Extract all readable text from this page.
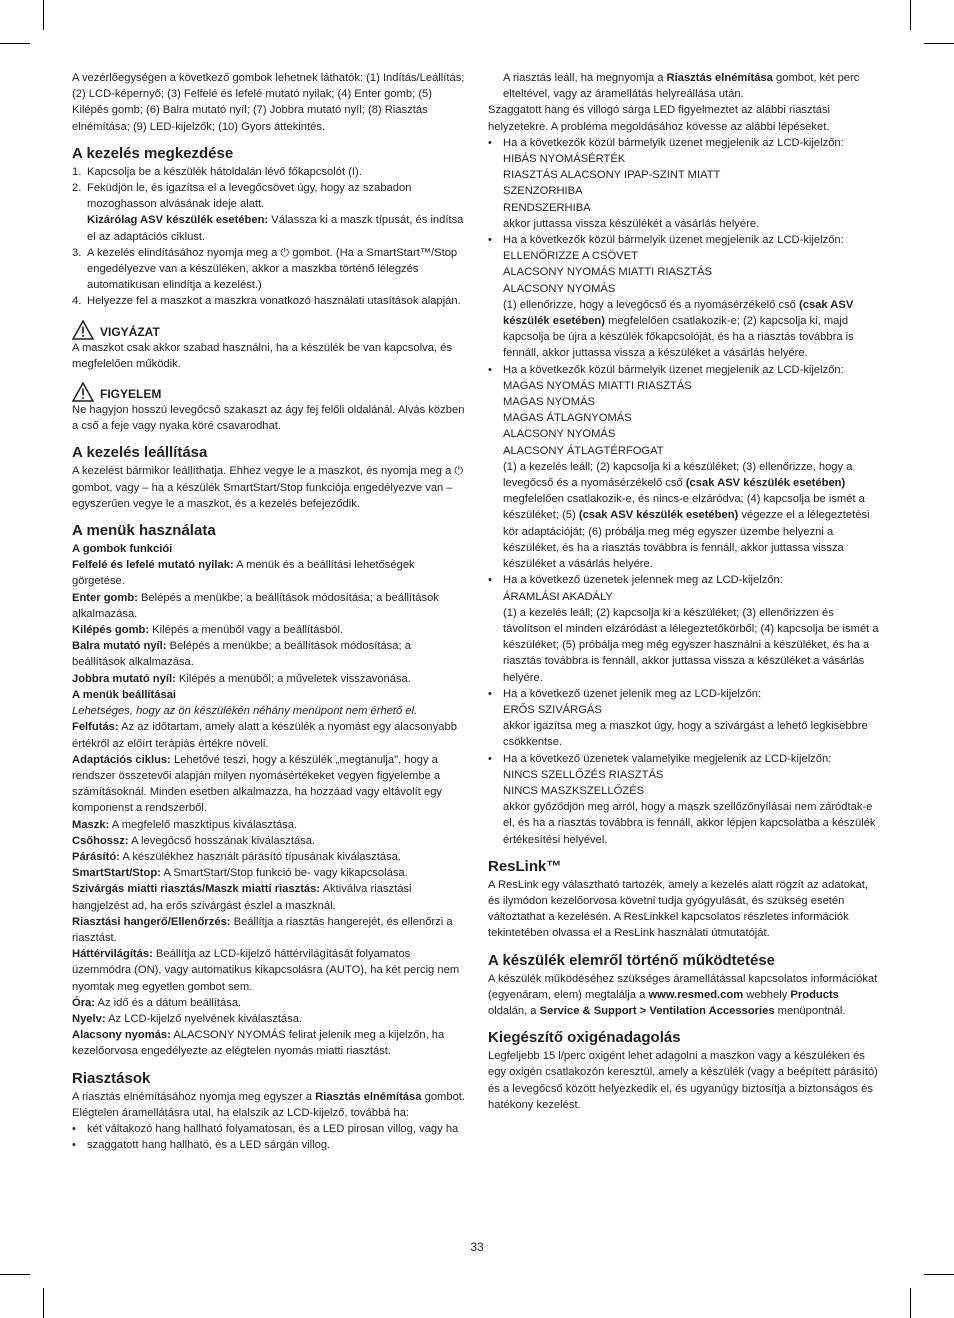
A vezérlőegységen a következő gombok lehetnek láthatók: (1) Indítás/Leállítás; (2) LCD-képernyő; (3) Felfelé és lefelé mutató nyilak; (4) Enter gomb; (5) Kilépés gomb; (6) Balra mutató nyíl; (7) Jobbra mutató nyíl; (8) Riasztás elnémítása; (9) LED-kijelzők; (10) Gyors áttekintés.

A kezelés megkezdése
1. Kapcsolja be a készülék hátoldalán lévő főkapcsolót (I).
2. Feküdjön le, és igazítsa el a levegőcsövet úgy, hogy az szabadon mozoghasson alvásának ideje alatt.
Kizárólag ASV készülék esetében: Válassza ki a maszk típusát, és indítsa el az adaptációs ciklust.
3. A kezelés elindításához nyomja meg a ⏻ gombot. (Ha a SmartStart™/Stop engedélyezve van a készüléken, akkor a maszkba történő lélegzés automatikusan elindítja a kezelést.)
4. Helyezze fel a maszkot a maszkra vonatkozó használati utasítások alapján.
VIGYÁZAT

A maszkot csak akkor szabad használni, ha a készülék be van kapcsolva, és megfelelően működik.

FIGYELEM

Ne hagyjon hosszú levegőcső szakaszt az ágy fej felőli oldalánál. Alvás közben a cső a feje vagy nyaka köré csavarodhat.

A kezelés leállítása

A kezelést bármikor leállíthatja. Ehhez vegye le a maszkot, és nyomja meg a ⏻ gombot, vagy – ha a készülék SmartStart/Stop funkciója engedélyezve van – egyszerűen vegye le a maszkot, és a kezelés befejeződik.

A menük használata
A gombok funkciói

Felfelé és lefelé mutató nyilak: A menük és a beállítási lehetőségek görgetése.

Enter gomb: Belépés a menükbe; a beállítások módosítása; a beállítások alkalmazása.

Kilépés gomb: Kilépés a menüből vagy a beállításból.

Balra mutató nyíl: Belépés a menükbe; a beállítások módosítása; a beállítások alkalmazása.

Jobbra mutató nyíl: Kilépés a menüből; a műveletek visszavonása.

A menük beállításai

Lehetséges, hogy az ön készülékén néhány menüpont nem érhető el.

Felfutás: Az az időtartam, amely alatt a készülék a nyomást egy alacsonyabb értékről az előírt terápiás értékre növeli.

Adaptációs ciklus: Lehetővé teszi, hogy a készülék „megtanulja", hogy a rendszer összetevői alapján milyen nyomásértékeket vegyen figyelembe a számításoknál. Minden esetben alkalmazza, ha hozzáad vagy eltávolít egy komponenst a rendszerből.

Maszk: A megfelelő maszktípus kiválasztása.

Csőhossz: A levegőcső hosszának kiválasztása.

Párásító: A készülékhez használt párásító típusának kiválasztása.

SmartStart/Stop: A SmartStart/Stop funkció be- vagy kikapcsolása.

Szivárgás miatti riasztás/Maszk miatti riasztás: Aktiválva riasztási hangjelzést ad, ha erős szivárgást észlel a maszknál.

Riasztási hangerő/Ellenőrzés: Beállítja a riasztás hangerejét, és ellenőrzi a riasztást.

Háttérvilágítás: Beállítja az LCD-kijelző háttérvilágítását folyamatos üzemmódra (ON), vagy automatikus kikapcsolásra (AUTO), ha két percig nem nyomtak meg egyetlen gombot sem.

Óra: Az idő és a dátum beállítása.

Nyelv: Az LCD-kijelző nyelvének kiválasztása.

Alacsony nyomás: ALACSONY NYOMÁS felirat jelenik meg a kijelzőn, ha kezelőorvosa engedélyezte az elégtelen nyomás miatti riasztást.

Riasztások

A riasztás elnémításához nyomja meg egyszer a Riasztás elnémítása gombot.

Elégtelen áramellátásra utal, ha elalszik az LCD-kijelző, továbbá ha:

• két váltakozó hang hallható folyamatosan, és a LED pirosan villog, vagy ha
• szaggatott hang hallható, és a LED sárgán villog.

A riasztás leáll, ha megnyomja a Riasztás elnémítása gombot, két perc elteltével, vagy az áramellátás helyreállása után.

Szaggatott hang és villogó sárga LED figyelmeztet az alábbi riasztási helyzetekre. A probléma megoldásához kövesse az alábbi lépéseket.

• Ha a következők közül bármelyik üzenet megjelenik az LCD-kijelzőn:
HIBÁS NYOMÁSÉRTÉK
RIASZTÁS ALACSONY IPAP-SZINT MIATT
SZENZORHIBA
RENDSZERHIBA
akkor juttassa vissza készülékét a vásárlás helyére.
• Ha a következők közül bármelyik üzenet megjelenik az LCD-kijelzőn:
ELLENŐRIZZE A CSÖVET
ALACSONY NYOMÁS MIATTI RIASZTÁS
ALACSONY NYOMÁS
(1) ellenőrizze, hogy a levegőcső és a nyomásérzékelő cső (csak ASV készülék esetében) megfelelően csatlakozik-e; (2) kapcsolja ki, majd kapcsolja be újra a készülék főkapcsolóját, és ha a riasztás továbbra is fennáll, akkor juttassa vissza a készüléket a vásárlás helyére.
• Ha a következők közül bármelyik üzenet megjelenik az LCD-kijelzőn:
MAGAS NYOMÁS MIATTI RIASZTÁS
MAGAS NYOMÁS
MAGAS ÁTLAGNYOMÁS
ALACSONY NYOMÁS
ALACSONY ÁTLAGTÉRFOGAT
(1) a kezelés leáll; (2) kapcsolja ki a készüléket; (3) ellenőrizze, hogy a levegőcső és a nyomásérzékelő cső (csak ASV készülék esetében) megfelelően csatlakozik-e, és nincs-e elzáródva; (4) kapcsolja be ismét a készüléket; (5) (csak ASV készülék esetében) végezze el a lélegeztetési kör adaptációját; (6) próbálja meg még egyszer üzembe helyezni a készüléket, és ha a riasztás továbbra is fennáll, akkor juttassa vissza készüléket a vásárlás helyére.
• Ha a következő üzenetek jelennek meg az LCD-kijelzőn:
ÁRAMLÁSI AKADÁLY
(1) a kezelés leáll; (2) kapcsolja ki a készüléket; (3) ellenőrizzen és távolítson el minden elzáródást a lélegeztetőkörből; (4) kapcsolja be ismét a készüléket; (5) próbálja meg még egyszer használni a készüléket, és ha a riasztás továbbra is fennáll, akkor juttassa vissza a készüléket a vásárlás helyére.
• Ha a következő üzenet jelenik meg az LCD-kijelzőn:
ERŐS SZIVÁRGÁS
akkor igazítsa meg a maszkot úgy, hogy a szivárgást a lehető legkisebbre csökkentse.
• Ha a következő üzenetek valamelyike megjelenik az LCD-kijelzőn:
NINCS SZELLŐZÉS RIASZTÁS
NINCS MASZKSZELLŐZÉS
akkor győződjön meg arról, hogy a maszk szellőzőnyílásai nem záródtak-e el, és ha a riasztás továbbra is fennáll, akkor lépjen kapcsolatba a készülék értékesítési helyével.
ResLink™

A ResLink egy választható tartozék, amely a kezelés alatt rögzít az adatokat, és ilymódon kezelőorvosa követni tudja gyógyulását, és szükség esetén változtathat a kezelésén. A ResLinkkel kapcsolatos részletes információk tekintetében olvassa el a ResLink használati útmutatóját.

A készülék elemről történő működtetése

A készülék működéséhez szükséges áramellátással kapcsolatos információkat (egyenáram, elem) megtalálja a www.resmed.com webhely Products oldalán, a Service & Support > Ventilation Accessories menüpontnál.

Kiegészítő oxigénadagolás

Legfeljebb 15 l/perc oxigént lehet adagolni a maszkon vagy a készüléken és egy oxigén csatlakozón keresztül, amely a készülék (vagy a beépített párásító) és a levegőcső között helyezkedik el, és ugyanúgy biztosítja a biztonságos és hatékony kezelést.

33
